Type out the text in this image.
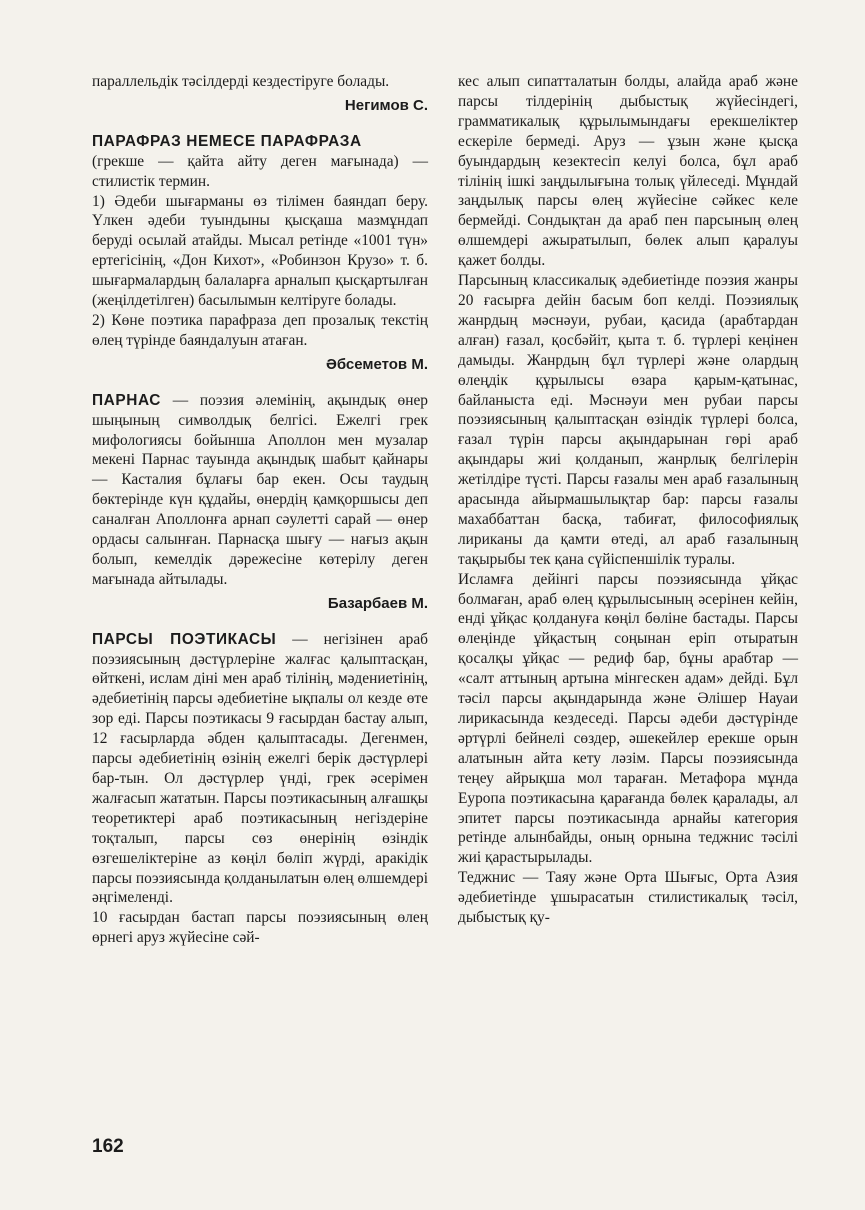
параллельдік тәсілдерді кездестіруге болады.

Негимов С.

ПАРАФРАЗ НЕМЕСЕ ПАРАФРАЗА

(грекше — қайта айту деген мағынада) — стилистік термин.

1) Әдеби шығарманы өз тілімен баяндап беру. Үлкен әдеби туындыны қысқаша мазмұндап беруді осылай атайды. Мысал ретінде «1001 түн» ертегісінің, «Дон Кихот», «Робинзон Крузо» т. б. шығармалардың балаларға арналып қысқартылған (жеңілдетілген) басылымын келтіруге болады.

2) Көне поэтика парафраза деп прозалық текстің өлең түрінде баяндалуын атаған.

Әбсеметов М.

ПАРНАС — поэзия әлемінің, ақындық өнер шыңының символдық белгісі. Ежелгі грек мифологиясы бойынша Аполлон мен музалар мекені Парнас тауында ақындық шабыт қайнары — Касталия бұлағы бар екен. Осы таудың бөктерінде күн құдайы, өнердің қамқоршысы деп саналған Аполлонға арнап сәулетті сарай — өнер ордасы салынған. Парнасқа шығу — нағыз ақын болып, кемелдік дәрежесіне көтерілу деген мағынада айтылады.

Базарбаев М.

ПАРСЫ ПОЭТИКАСЫ — негізінен араб поэзиясының дәстүрлеріне жалғас қалыптасқан, өйткені, ислам діні мен араб тілінің, мәдениетінің, әдебиетінің парсы әдебиетіне ықпалы ол кезде өте зор еді. Парсы поэтикасы 9 ғасырдан бастау алып, 12 ғасырларда әбден қалыптасады. Дегенмен, парсы әдебиетінің өзінің ежелгі берік дәстүрлері бар-тын. Ол дәстүрлер үнді, грек әсерімен жалғасып жататын. Парсы поэтикасының алғашқы теоретиктері араб поэтикасының негіздеріне тоқталып, парсы сөз өнерінің өзіндік өзгешеліктеріне аз көңіл бөліп жүрді, аракідік парсы поэзиясында қолданылатын өлең өлшемдері әңгімеленді.

10 ғасырдан бастап парсы поэзиясының өлең өрнегі аруз жүйесіне сәй-

кес алып сипатталатын болды, алайда араб және парсы тілдерінің дыбыстық жүйесіндегі, грамматикалық құрылымындағы ерекшеліктер ескеріле бермеді. Аруз — ұзын және қысқа буындардың кезектесіп келуі болса, бұл араб тілінің ішкі заңдылығына толық үйлеседі. Мұндай заңдылық парсы өлең жүйесіне сәйкес келе бермейді. Сондықтан да араб пен парсының өлең өлшемдері ажыратылып, бөлек алып қаралуы қажет болды.

Парсының классикалық әдебиетінде поэзия жанры 20 ғасырға дейін басым боп келді. Поэзиялық жанрдың мәснәуи, рубаи, қасида (арабтардан алған) ғазал, қосбәйіт, қыта т. б. түрлері кеңінен дамыды. Жанрдың бұл түрлері және олардың өлеңдік құрылысы өзара қарым-қатынас, байланыста еді. Мәснәуи мен рубаи парсы поэзиясының қалыптасқан өзіндік түрлері болса, ғазал түрін парсы ақындарынан гөрі араб ақындары жиі қолданып, жанрлық белгілерін жетілдіре түсті. Парсы ғазалы мен араб ғазалының арасында айырмашылықтар бар: парсы ғазалы махаббаттан басқа, табиғат, философиялық лириканы да қамти өтеді, ал араб ғазалының тақырыбы тек қана сүйіспеншілік туралы.

Исламға дейінгі парсы поэзиясында ұйқас болмаған, араб өлең құрылысының әсерінен кейін, енді ұйқас қолдануға көңіл бөліне бастады. Парсы өлеңінде ұйқастың соңынан еріп отыратын қосалқы ұйқас — редиф бар, бұны арабтар — «салт аттының артына мінгескен адам» дейді. Бұл тәсіл парсы ақындарында және Әлішер Науаи лирикасында кездеседі. Парсы әдеби дәстүрінде әртүрлі бейнелі сөздер, әшекейлер ерекше орын алатынын айта кету ләзім. Парсы поэзиясында теңеу айрықша мол тараған. Метафора мұнда Еуропа поэтикасына қарағанда бөлек қаралады, ал эпитет парсы поэтикасында арнайы категория ретінде алынбайды, оның орнына теджнис тәсілі жиі қарастырылады.

Теджнис — Таяу және Орта Шығыс, Орта Азия әдебиетінде ұшырасатын стилистикалық тәсіл, дыбыстық қу-

162
